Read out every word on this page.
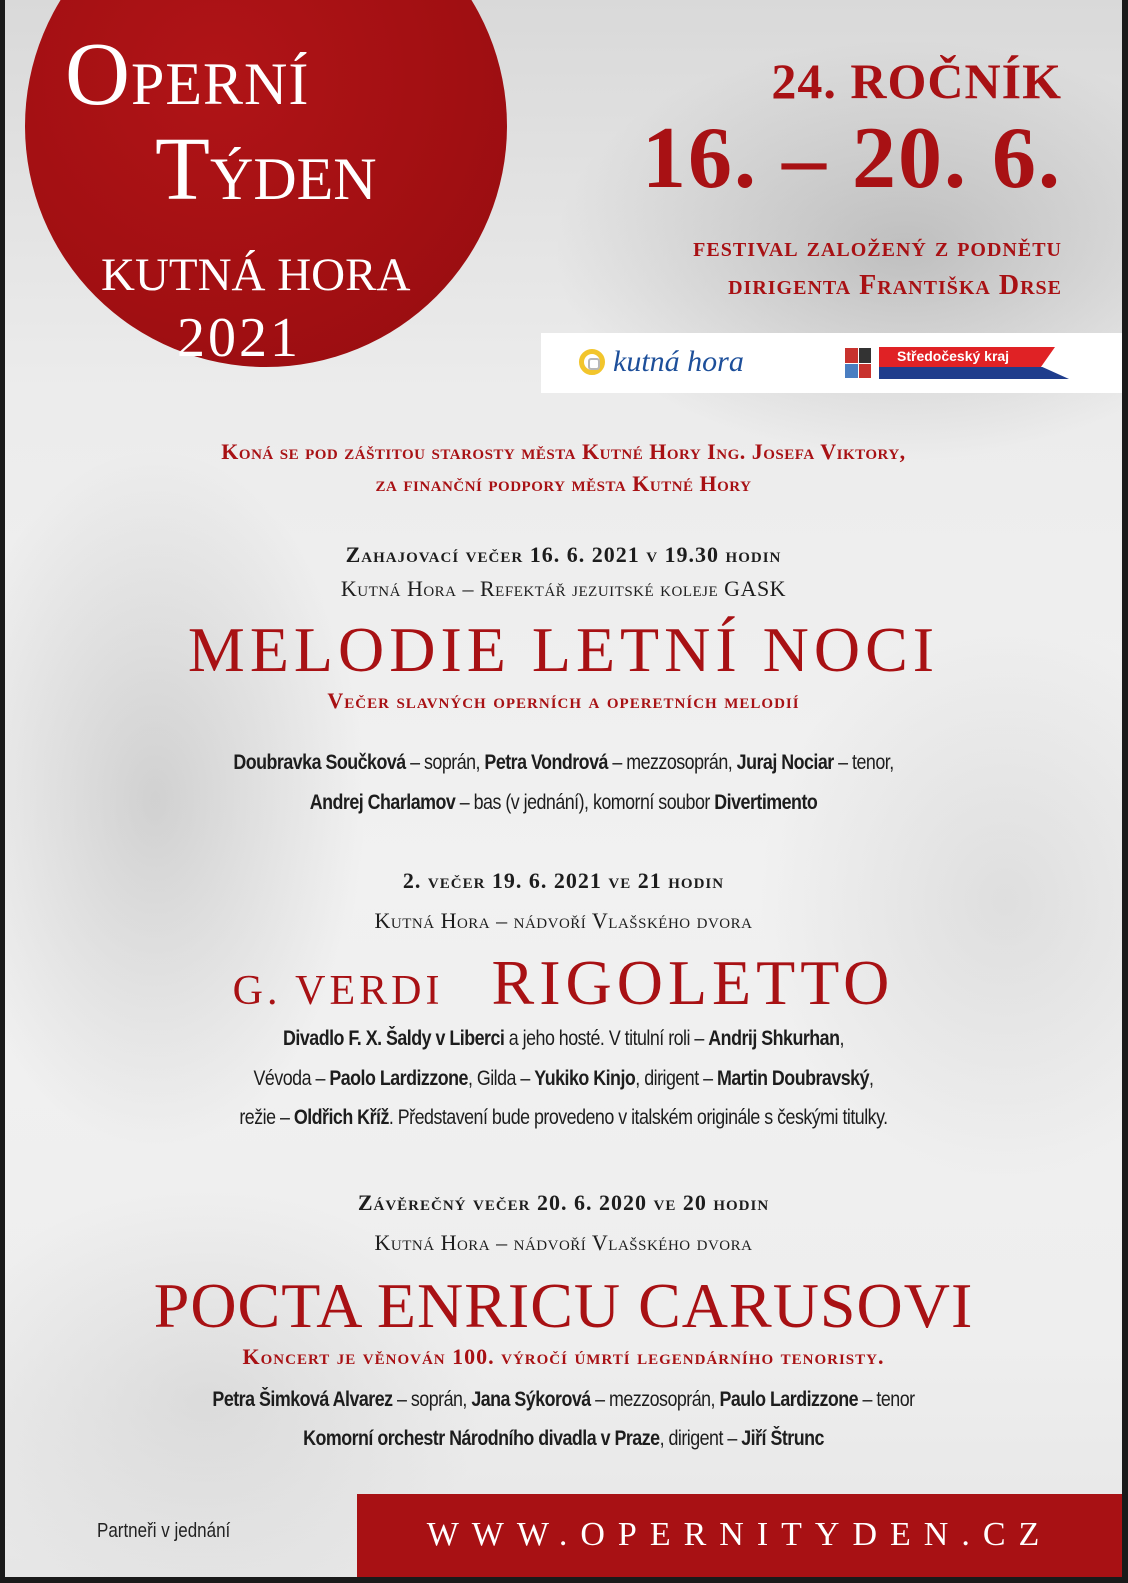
OPERNÍ
TÝDEN
KUTNÁ HORA
2021
24. ROČNÍK
16. – 20. 6.
festival založený z podnětu
dirigenta Františka Drse
kutná hora	Středočeský kraj
Koná se pod záštitou starosty města Kutné Hory Ing. Josefa Viktory,
za finanční podpory města Kutné Hory
Zahajovací večer 16. 6. 2021 v 19.30 hodin
Kutná Hora – Refektář jezuitské koleje GASK
MELODIE LETNÍ NOCI
Večer slavných operních a operetních melodií
Doubravka Součková – soprán, Petra Vondrová – mezzosoprán, Juraj Nociar – tenor,
Andrej Charlamov – bas (v jednání), komorní soubor Divertimento
2. večer 19. 6. 2021 ve 21 hodin
Kutná Hora – nádvoří Vlašského dvora
G. VERDI RIGOLETTO
Divadlo F. X. Šaldy v Liberci a jeho hosté. V titulní roli – Andrij Shkurhan,
Vévoda – Paolo Lardizzone, Gilda – Yukiko Kinjo, dirigent – Martin Doubravský,
režie – Oldřich Kříž. Představení bude provedeno v italském originále s českými titulky.
Závěrečný večer 20. 6. 2020 ve 20 hodin
Kutná Hora – nádvoří Vlašského dvora
POCTA ENRICU CARUSOVI
Koncert je věnován 100. výročí úmrtí legendárního tenoristy.
Petra Šimková Alvarez – soprán, Jana Sýkorová – mezzosoprán, Paulo Lardizzone – tenor
Komorní orchestr Národního divadla v Praze, dirigent – Jiří Štrunc
Partneři v jednání	WWW.OPERNITYDEN.CZ
